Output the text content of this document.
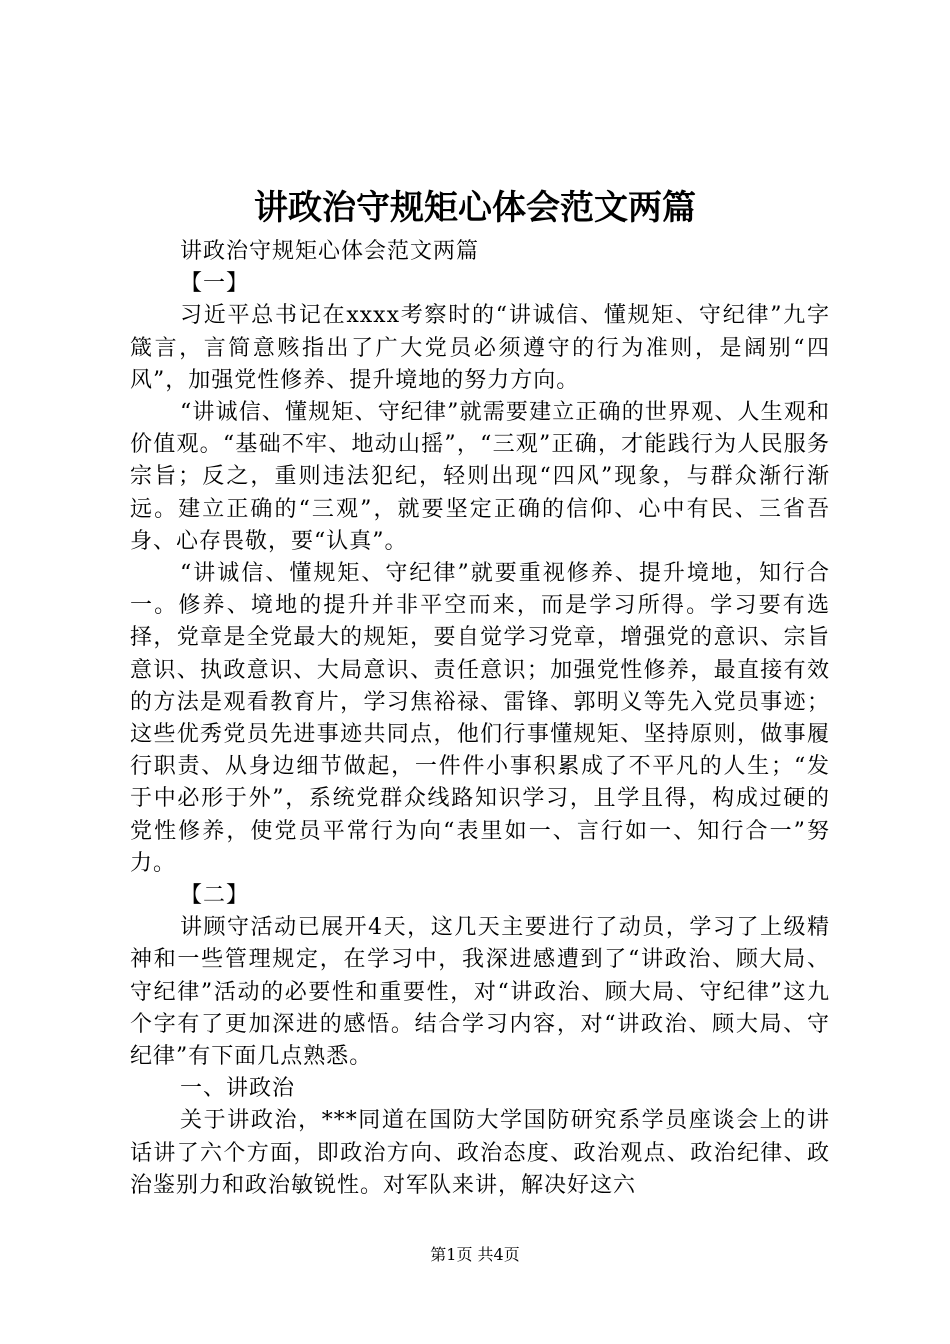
讲政治守规矩心体会范文两篇

讲政治守规矩心体会范文两篇

【一】

习近平总书记在xxxx考察时的“讲诚信、懂规矩、守纪律”九字箴言，言简意赅指出了广大党员必须遵守的行为准则，是阔别“四风”，加强党性修养、提升境地的努力方向。

“讲诚信、懂规矩、守纪律”就需要建立正确的世界观、人生观和价值观。“基础不牢、地动山摇”，“三观”正确，才能践行为人民服务宗旨；反之，重则违法犯纪，轻则出现“四风”现象，与群众渐行渐远。建立正确的“三观”，就要坚定正确的信仰、心中有民、三省吾身、心存畏敬，要“认真”。

“讲诚信、懂规矩、守纪律”就要重视修养、提升境地，知行合一。修养、境地的提升并非平空而来，而是学习所得。学习要有选择，党章是全党最大的规矩，要自觉学习党章，增强党的意识、宗旨意识、执政意识、大局意识、责任意识；加强党性修养，最直接有效的方法是观看教育片，学习焦裕禄、雷锋、郭明义等先入党员事迹；这些优秀党员先进事迹共同点，他们行事懂规矩、坚持原则，做事履行职责、从身边细节做起，一件件小事积累成了不平凡的人生；“发于中必形于外”，系统党群众线路知识学习，且学且得，构成过硬的党性修养，使党员平常行为向“表里如一、言行如一、知行合一”努力。

【二】

讲顾守活动已展开4天，这几天主要进行了动员，学习了上级精神和一些管理规定，在学习中，我深进感遭到了“讲政治、顾大局、守纪律”活动的必要性和重要性，对“讲政治、顾大局、守纪律”这九个字有了更加深进的感悟。结合学习内容，对“讲政治、顾大局、守纪律”有下面几点熟悉。

一、讲政治

关于讲政治，***同道在国防大学国防研究系学员座谈会上的讲话讲了六个方面，即政治方向、政治态度、政治观点、政治纪律、政治鉴别力和政治敏锐性。对军队来讲，解决好这六

第1页 共4页
